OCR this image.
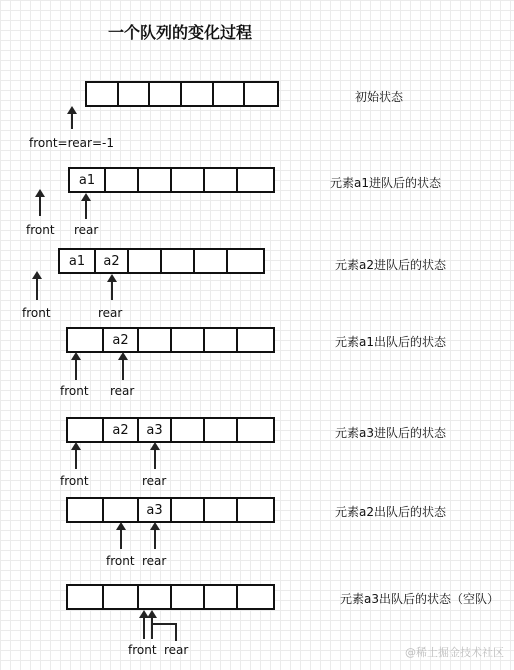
一个队列的变化过程
初始状态
front=rear=-1
a1	元素a1进队后的状态
front rear
a1	a2	元素a2进队后的状态
front	rear
a2	元素a1出队后的状态
front rear
a2	a3	元素a3进队后的状态
front	rear
a3	元素a2出队后的状态
front rear
元素a3出队后的状态（空队）
front rear	@稀土掘金技术社区
